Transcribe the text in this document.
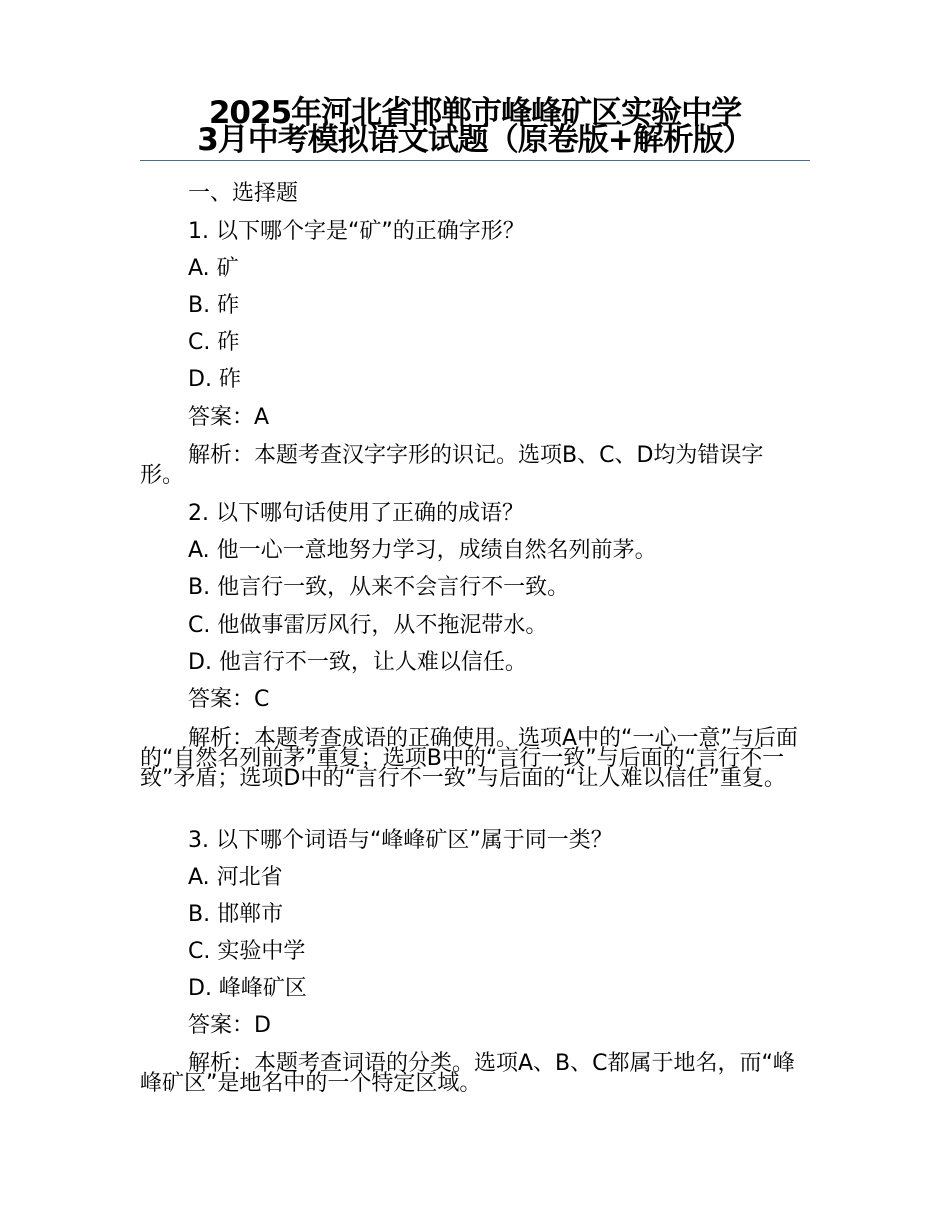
2025年河北省邯郸市峰峰矿区实验中学
3月中考模拟语文试题（原卷版+解析版）
一、选择题
1. 以下哪个字是“矿”的正确字形？
A. 矿
B. 砟
C. 砟
D. 砟
答案：A
解析：本题考查汉字字形的识记。选项B、C、D均为错误字形。
2. 以下哪句话使用了正确的成语？
A. 他一心一意地努力学习，成绩自然名列前茅。
B. 他言行一致，从来不会言行不一致。
C. 他做事雷厉风行，从不拖泥带水。
D. 他言行不一致，让人难以信任。
答案：C
解析：本题考查成语的正确使用。选项A中的“一心一意”与后面的“自然名列前茅”重复；选项B中的“言行一致”与后面的“言行不一致”矛盾；选项D中的“言行不一致”与后面的“让人难以信任”重复。
3. 以下哪个词语与“峰峰矿区”属于同一类？
A. 河北省
B. 邯郸市
C. 实验中学
D. 峰峰矿区
答案：D
解析：本题考查词语的分类。选项A、B、C都属于地名，而“峰峰矿区”是地名中的一个特定区域。
